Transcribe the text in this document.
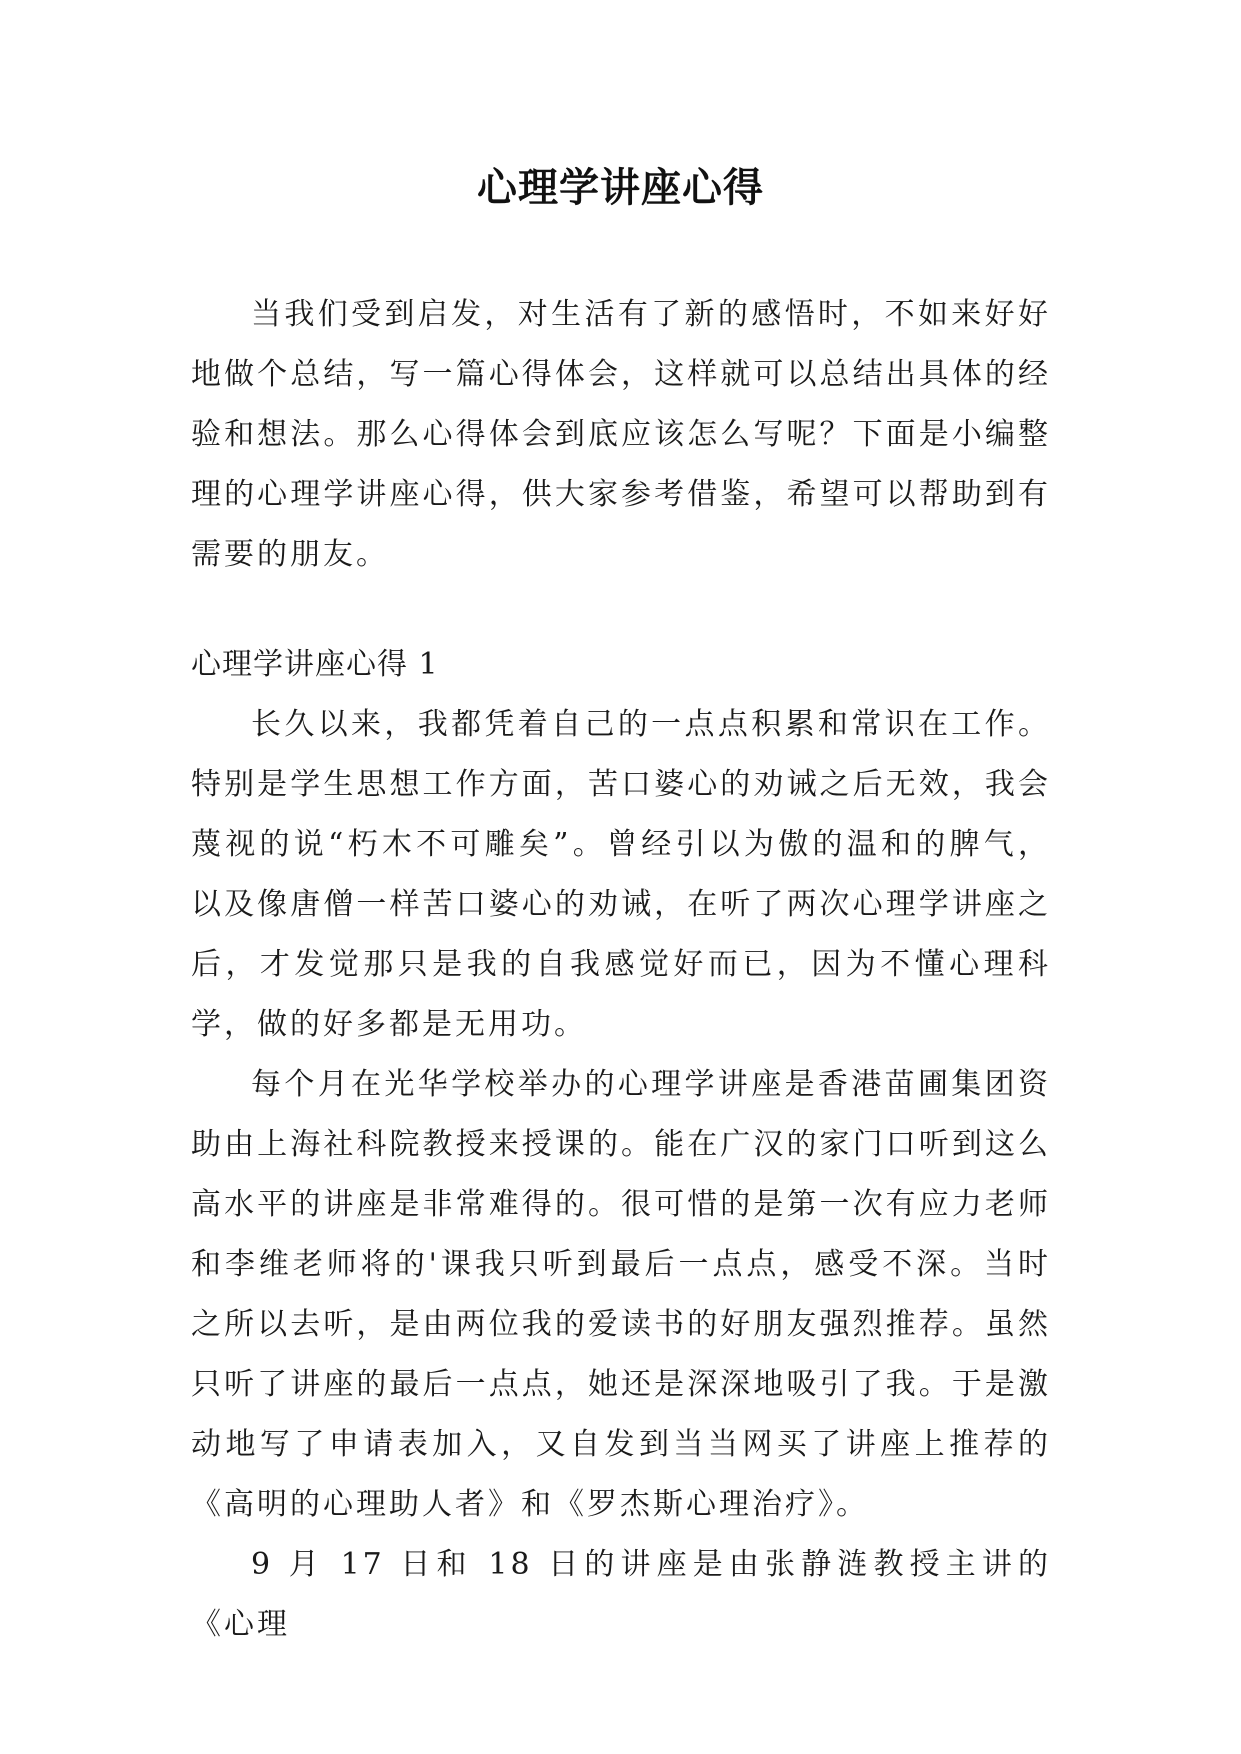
心理学讲座心得

当我们受到启发，对生活有了新的感悟时，不如来好好地做个总结，写一篇心得体会，这样就可以总结出具体的经验和想法。那么心得体会到底应该怎么写呢？下面是小编整理的心理学讲座心得，供大家参考借鉴，希望可以帮助到有需要的朋友。

心理学讲座心得 1

长久以来，我都凭着自己的一点点积累和常识在工作。特别是学生思想工作方面，苦口婆心的劝诫之后无效，我会蔑视的说“朽木不可雕矣”。曾经引以为傲的温和的脾气，以及像唐僧一样苦口婆心的劝诫，在听了两次心理学讲座之后，才发觉那只是我的自我感觉好而已，因为不懂心理科学，做的好多都是无用功。

每个月在光华学校举办的心理学讲座是香港苗圃集团资助由上海社科院教授来授课的。能在广汉的家门口听到这么高水平的讲座是非常难得的。很可惜的是第一次有应力老师和李维老师将的'课我只听到最后一点点，感受不深。当时之所以去听，是由两位我的爱读书的好朋友强烈推荐。虽然只听了讲座的最后一点点，她还是深深地吸引了我。于是激动地写了申请表加入，又自发到当当网买了讲座上推荐的《高明的心理助人者》和《罗杰斯心理治疗》。

9 月 17 日和 18 日的讲座是由张静涟教授主讲的《心理
